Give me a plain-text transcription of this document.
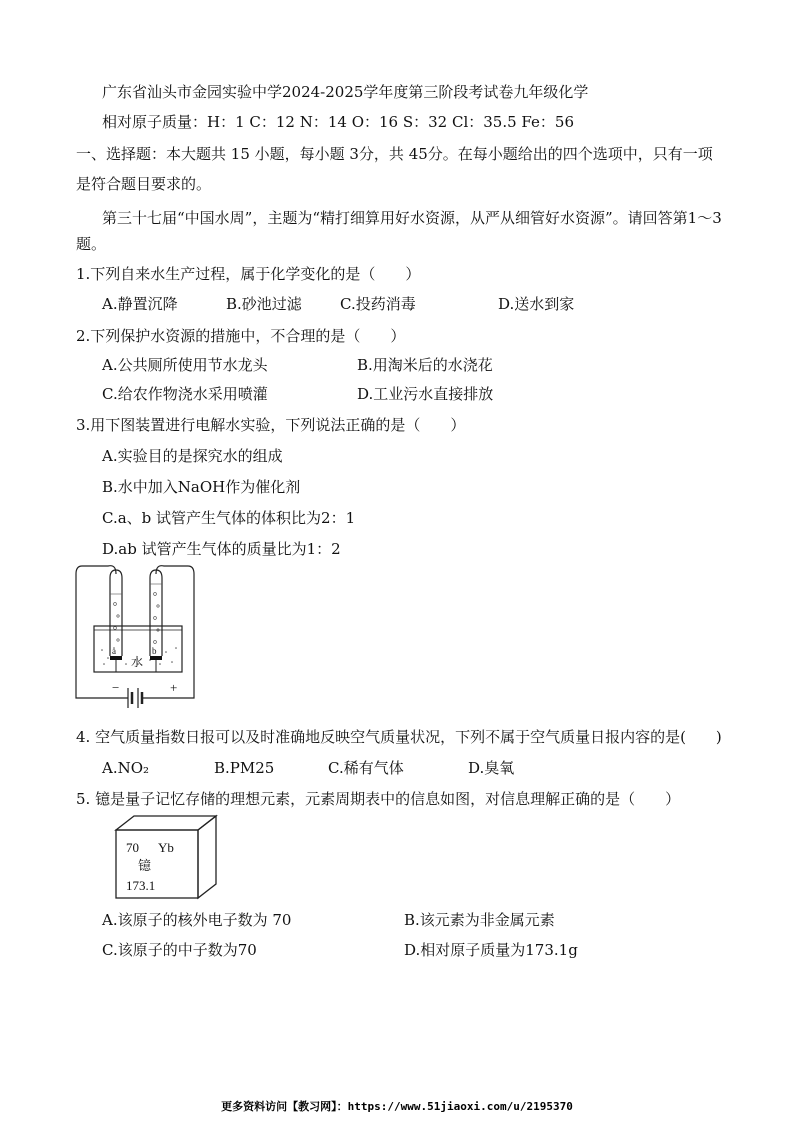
广东省汕头市金园实验中学2024-2025学年度第三阶段考试卷九年级化学
相对原子质量：H：1 C：12 N：14 O：16 S：32 Cl：35.5 Fe：56
一、选择题：本大题共 15 小题，每小题 3分，共 45分。在每小题给出的四个选项中，只有一项
是符合题目要求的。
第三十七届“中国水周”，主题为“精打细算用好水资源，从严从细管好水资源”。请回答第1～3
题。
1.下列自来水生产过程，属于化学变化的是（　　）
A.静置沉降	B.砂池过滤	C.投药消毒	D.送水到家
2.下列保护水资源的措施中，不合理的是（　　）
A.公共厕所使用节水龙头	B.用淘米后的水浇花
C.给农作物浇水采用喷灌	D.工业污水直接排放
3.用下图装置进行电解水实验，下列说法正确的是（　　）
A.实验目的是探究水的组成
B.水中加入NaOH作为催化剂
C.a、b 试管产生气体的体积比为2：1
D.ab 试管产生气体的质量比为1：2
−	+
a	b
水
4. 空气质量指数日报可以及时准确地反映空气质量状况，下列不属于空气质量日报内容的是(　　)
A.NO₂	B.PM25	C.稀有气体	D.臭氧
5. 镱是量子记忆存储的理想元素，元素周期表中的信息如图，对信息理解正确的是（　　）
70 Yb
镱
173.1
A.该原子的核外电子数为 70	B.该元素为非金属元素
C.该原子的中子数为70	D.相对原子质量为173.1g
更多资料访问【教习网】：https://www.51jiaoxi.com/u/2195370
